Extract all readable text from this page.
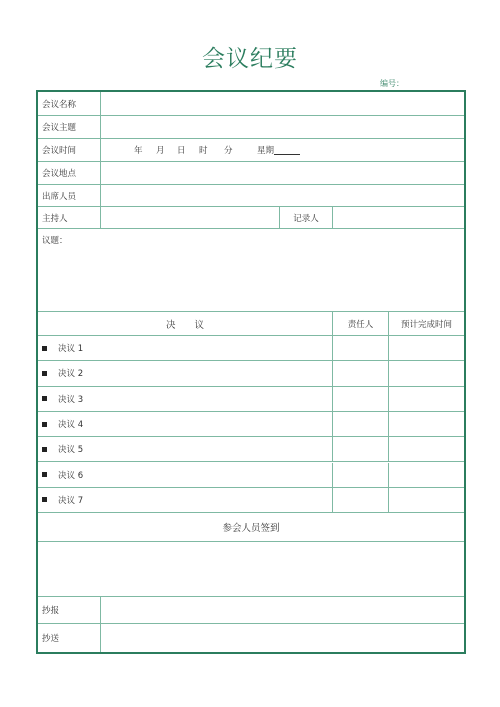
会议纪要
编号：
会议名称
会议主题
会议时间	年	月	日	时	分	星期
会议地点
出席人员
主持人	记录人
议题：
决　　议	责任人	预计完成时间
决议 1
决议 2
决议 3
决议 4
决议 5
决议 6
决议 7
参会人员签到
抄报
抄送
